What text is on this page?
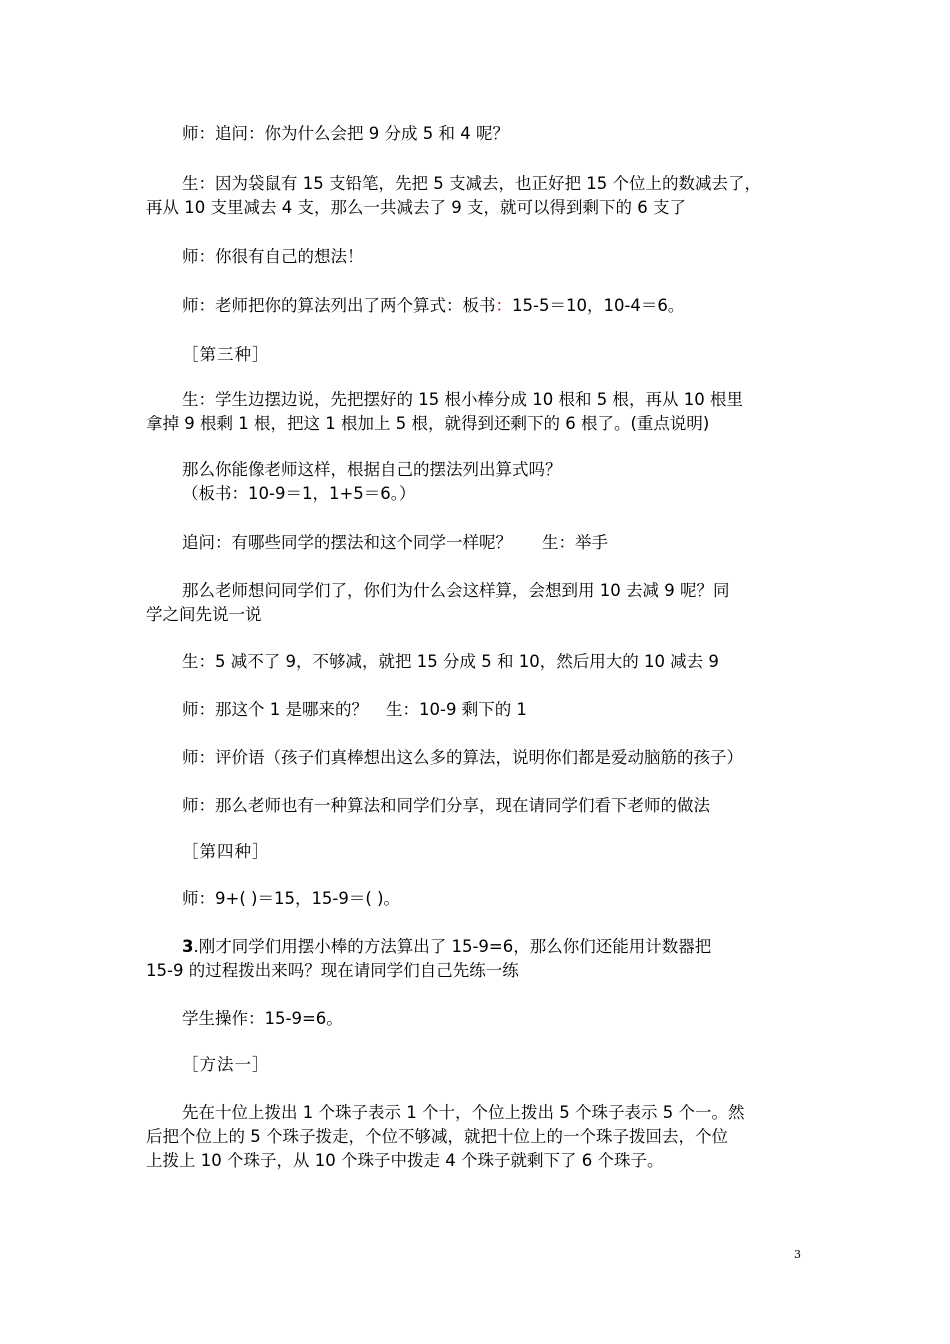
师：追问：你为什么会把 9 分成 5 和 4 呢？

生：因为袋鼠有 15 支铅笔，先把 5 支减去，也正好把 15 个位上的数减去了，
再从 10 支里减去 4 支，那么一共减去了 9 支，就可以得到剩下的 6 支了

师：你很有自己的想法！

师：老师把你的算法列出了两个算式：板书：15-5＝10，10-4＝6。

［第三种］

生：学生边摆边说，先把摆好的 15 根小棒分成 10 根和 5 根，再从 10 根里
拿掉 9 根剩 1 根，把这 1 根加上 5 根，就得到还剩下的 6 根了。(重点说明)

那么你能像老师这样，根据自己的摆法列出算式吗？
（板书：10-9＝1，1+5＝6。）

追问：有哪些同学的摆法和这个同学一样呢？ 生：举手

那么老师想问同学们了，你们为什么会这样算，会想到用 10 去减 9 呢？同
学之间先说一说

生：5 减不了 9，不够减，就把 15 分成 5 和 10，然后用大的 10 减去 9

师：那这个 1 是哪来的？ 生：10-9 剩下的 1

师：评价语（孩子们真棒想出这么多的算法，说明你们都是爱动脑筋的孩子）

师：那么老师也有一种算法和同学们分享，现在请同学们看下老师的做法

［第四种］

师：9+( )＝15，15-9＝( )。

3.刚才同学们用摆小棒的方法算出了 15-9=6，那么你们还能用计数器把
15-9 的过程拨出来吗？现在请同学们自己先练一练

学生操作：15-9=6。

［方法一］

先在十位上拨出 1 个珠子表示 1 个十，个位上拨出 5 个珠子表示 5 个一。然
后把个位上的 5 个珠子拨走，个位不够减，就把十位上的一个珠子拨回去，个位
上拨上 10 个珠子，从 10 个珠子中拨走 4 个珠子就剩下了 6 个珠子。

3
